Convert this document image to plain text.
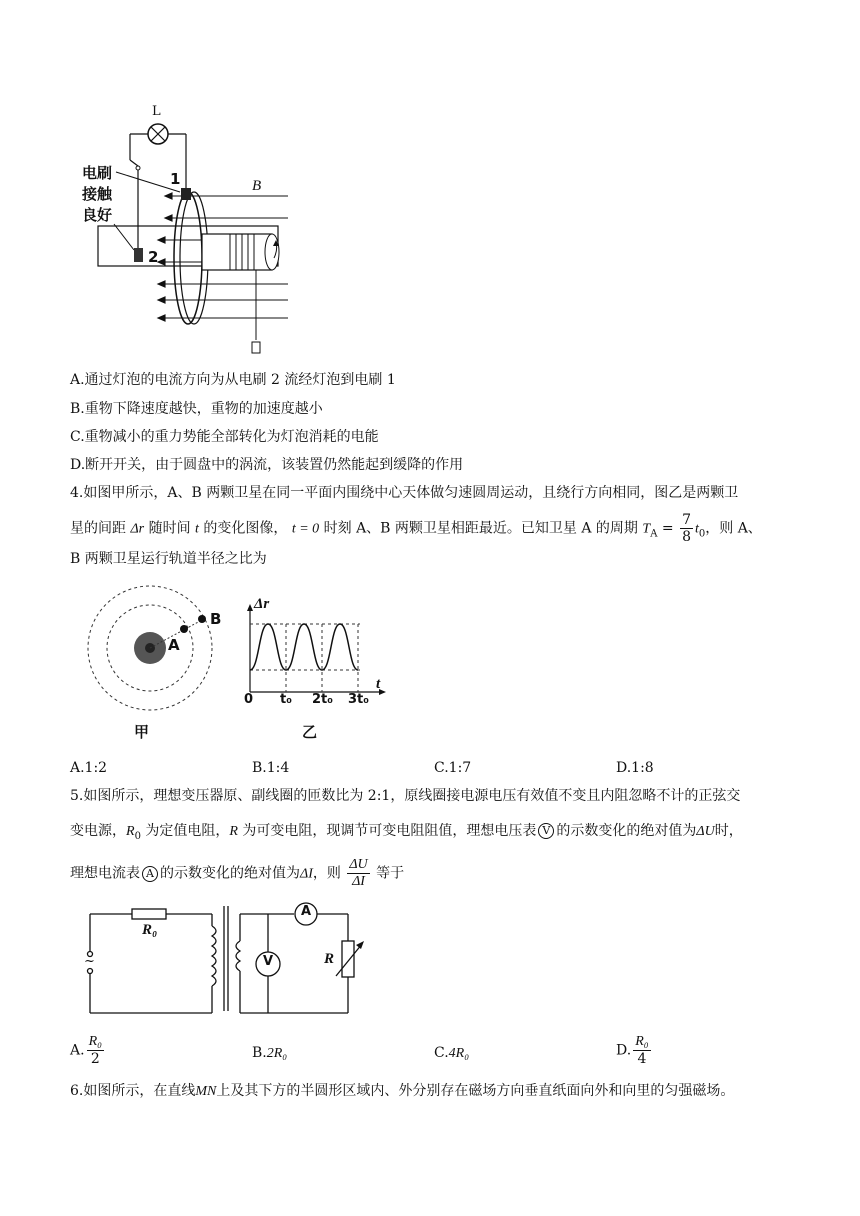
L
电刷
接触
良好
1
2
B
A.通过灯泡的电流方向为从电刷 2 流经灯泡到电刷 1
B.重物下降速度越快，重物的加速度越小
C.重物减小的重力势能全部转化为灯泡消耗的电能
D.断开开关，由于圆盘中的涡流，该装置仍然能起到缓降的作用
4.如图甲所示，A、B 两颗卫星在同一平面内围绕中心天体做匀速圆周运动，且绕行方向相同，图乙是两颗卫
星的间距 Δr 随时间 t 的变化图像， t = 0 时刻 A、B 两颗卫星相距最近。已知卫星 A 的周期 $T_A = \frac{7}{8} t_0$，则 A、
B 两颗卫星运行轨道半径之比为
A
B
甲
Δr
t
0 t₀ 2t₀ 3t₀
乙
A.1:2	B.1:4	C.1:7	D.1:8
5.如图所示，理想变压器原、副线圈的匝数比为 2:1，原线圈接电源电压有效值不变且内阻忽略不计的正弦交
变电源，$R_0$ 为定值电阻，R 为可变电阻，现调节可变电阻阻值，理想电压表 V 的示数变化的绝对值为ΔU时，
理想电流表 A 的示数变化的绝对值为ΔI，则 $\frac{\Delta U}{\Delta I}$ 等于
~
R₀
A
V	R
A. $\frac{\text{R₀}}{2}$	B.2R₀	C.4R₀	D. $\frac{\text{R₀}}{4}$
6.如图所示，在直线MN上及其下方的半圆形区域内、外分别存在磁场方向垂直纸面向外和向里的匀强磁场。
